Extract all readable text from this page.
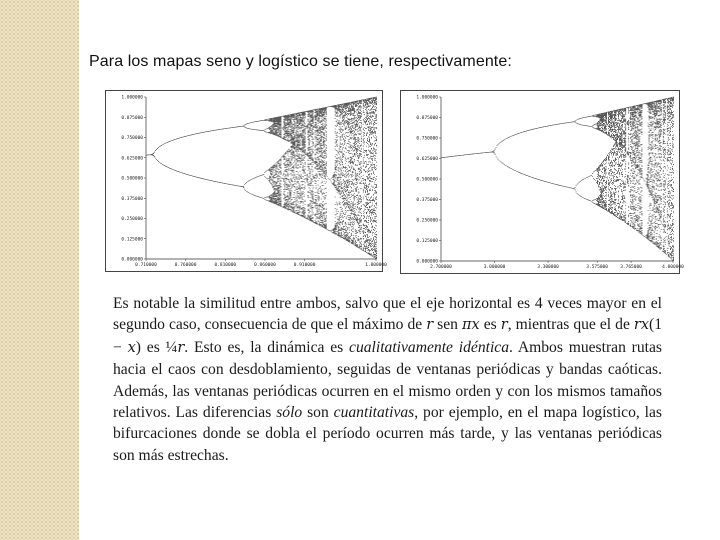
Para los mapas seno y logístico se tiene, respectivamente:
1.000000
0.875000
0.750000
0.625000
0.500000
0.375000
0.250000
0.125000
0.000000
0.710000	0.760000	0.810000	0.860000	0.910000	1.000000
1.000000
0.875000
0.750000
0.625000
0.500000
0.375000
0.250000
0.125000
0.000000
2.700000	3.000000	3.300000	3.575000	3.765000	4.000000

Es notable la similitud entre ambos, salvo que el eje horizontal es 4 veces mayor en el segundo caso, consecuencia de que el máximo de r sen πx es r, mientras que el de rx(1 − x) es ¼r. Esto es, la dinámica es cualitativamente idéntica. Ambos muestran rutas hacia el caos con desdoblamiento, seguidas de ventanas periódicas y bandas caóticas. Además, las ventanas periódicas ocurren en el mismo orden y con los mismos tamaños relativos. Las diferencias sólo son cuantitativas, por ejemplo, en el mapa logístico, las bifurcaciones donde se dobla el período ocurren más tarde, y las ventanas periódicas son más estrechas.
